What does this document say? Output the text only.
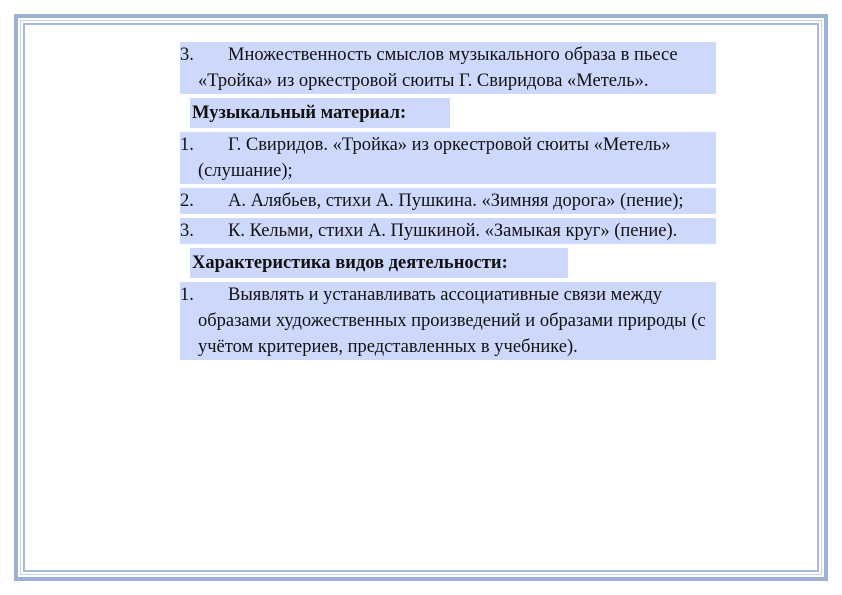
3.	Множественность смыслов музыкального образа в пьесе «Тройка» из оркестровой сюиты Г. Свиридова «Метель».
Музыкальный материал:
1.	Г. Свиридов. «Тройка» из оркестровой сюиты «Метель» (слушание);
2.	А. Алябьев, стихи А. Пушкина. «Зимняя дорога» (пение);
3.	К. Кельми, стихи А. Пушкиной. «Замыкая круг» (пение).
Характеристика видов деятельности:
1.	Выявлять и устанавливать ассоциативные связи между образами художественных произведений и образами природы (с учётом критериев, представленных в учебнике).
